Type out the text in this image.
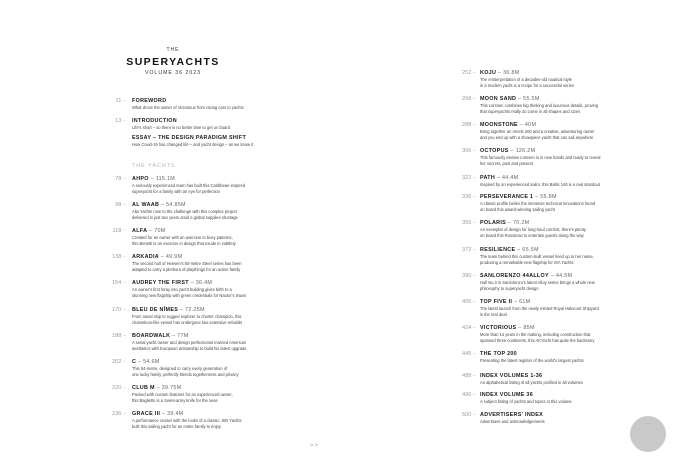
THE
SUPERYACHTS
VOLUME 36 2023
THE YACHTS
11 – FOREWORD
What drove the owner of Victorious from racing cars to yachts
13 – INTRODUCTION
Life's short – so there is no better time to get on board
ESSAY – THE DESIGN PARADIGM SHIFT
How Covid-19 has changed life – and yacht design – as we know it
78 – AHPO – 115.1M
A seriously experienced team has built this Caribbean-inspired
superyacht for a family with an eye for perfection
98 – AL WAAB – 54.85M
Alia Yachts rose to the challenge with this complex project
delivered in just two years amid a global supplies shortage
118 – ALFA – 70M
Created for an owner with an aversion to busy patterns,
this Benetti is an exercise in design that exude in subtlety
138 – ARKADIA – 49.9M
The second hull of Heesen's 50-metre Steel series has been
adapted to carry a plethora of playthings for an active family
154 – AUDREY THE FIRST – 36.4M
An owner's first foray into yacht building gives birth to a
stunning new flagship with green credentials for Nautor's Swan
170 – BLEU DE NÎMES – 72.25M
From naval ship to rugged explorer to charter champion, this
chameleon-like vessel has undergone two extensive rebuilds
188 – BOARDWALK – 77M
A serial yacht owner and design perfectionist married American
aesthetics with European artisanship to build his latest upgrade
202 – C – 54.6M
This 54-metre, designed to carry every generation of
one lucky family, perfectly blends togetherness and privacy
220 – CLUB M – 39.75M
Packed with custom features for an experienced owner,
this Baglietto is a Swiss-army knife for the seas
236 – GRACE III – 39.4M
A performance cruiser with the looks of a classic, SEI Yachts
built this sailing yacht for an entire family to enjoy
252 – KOJU – 36.8M
The reinterpretation of a decades-old nautical style
in a modern yacht is a recipe for a successful series
268 – MOON SAND – 55.5M
This Lürssen combines big thinking and luxurious details, proving
that superyachts really do come in all shapes and sizes
288 – MOONSTONE – 40M
Bring together an Amels 200 and a creative, adventuring owner
and you end up with a showpiece yacht that can sail anywhere
306 – OCTOPUS – 126.2M
This famously elusive Lürssen is in new hands and ready to reveal
her secrets, past and present
322 – PATH – 44.4M
Inspired by an experienced sailor, this Baltic 146 is a real standout
336 – PERSEVERANCE 1 – 55.8M
A classic profile belies the immense technical innovations found
on board this award-winning sailing yacht
356 – POLARIS – 70.2M
An exemplar of design for long-haul comfort, there's plenty
on board this Rossinavi to entertain guests along the way
372 – RESILIENCE – 65.5M
The team behind this custom-built vessel lined up to her name,
producing a remarkable new flagship for ISA Yachts
390 – SANLORENZO 44ALLOY – 44.5M
Hull No.3 in Sanlorenzo's latest Alloy series brings a whole new
philosophy to superyacht design
406 – TOP FIVE II – 61M
The latest launch from the newly minted Royal Hakvoort Shipyard
is the real deal
424 – VICTORIOUS – 85M
More than 14 years in the making, including construction that
spanned three continents, this AKYacht has quite the backstory
445 – THE TOP 200
Presenting the latest register of the world's largest yachts
488 – INDEX VOLUMES 1-36
An alphabetical listing of all yachts profiled in all volumes
496 – INDEX VOLUME 36
A subject listing of yachts and topics in this volume
500 – ADVERTISERS' INDEX
Advertisers and acknowledgements
>>
